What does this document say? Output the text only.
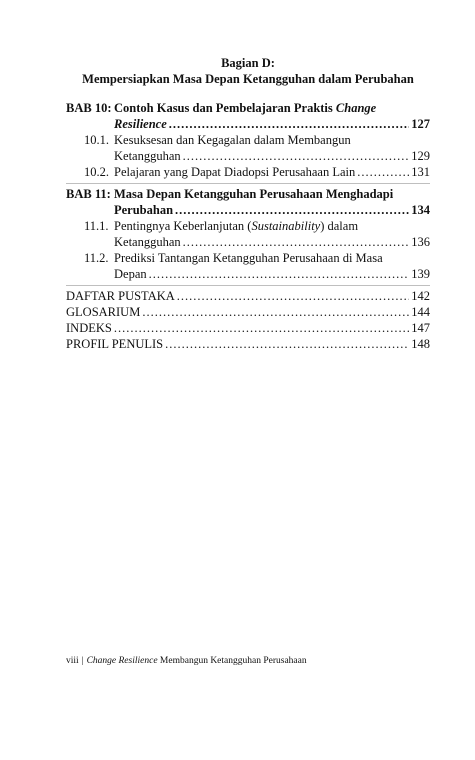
Bagian D:
Mempersiapkan Masa Depan Ketangguhan dalam Perubahan
BAB 10: Contoh Kasus dan Pembelajaran Praktis Change
Resilience .....	127
10.1. Kesuksesan dan Kegagalan dalam Membangun
Ketangguhan .....	129
10.2. Pelajaran yang Dapat Diadopsi Perusahaan Lain .....	131
BAB 11: Masa Depan Ketangguhan Perusahaan Menghadapi
Perubahan .....	134
11.1. Pentingnya Keberlanjutan (Sustainability) dalam
Ketangguhan .....	136
11.2. Prediksi Tantangan Ketangguhan Perusahaan di Masa
Depan .....	139
DAFTAR PUSTAKA .....	142
GLOSARIUM .....	144
INDEKS .....	147
PROFIL PENULIS .....	148
viii | Change Resilience Membangun Ketangguhan Perusahaan
